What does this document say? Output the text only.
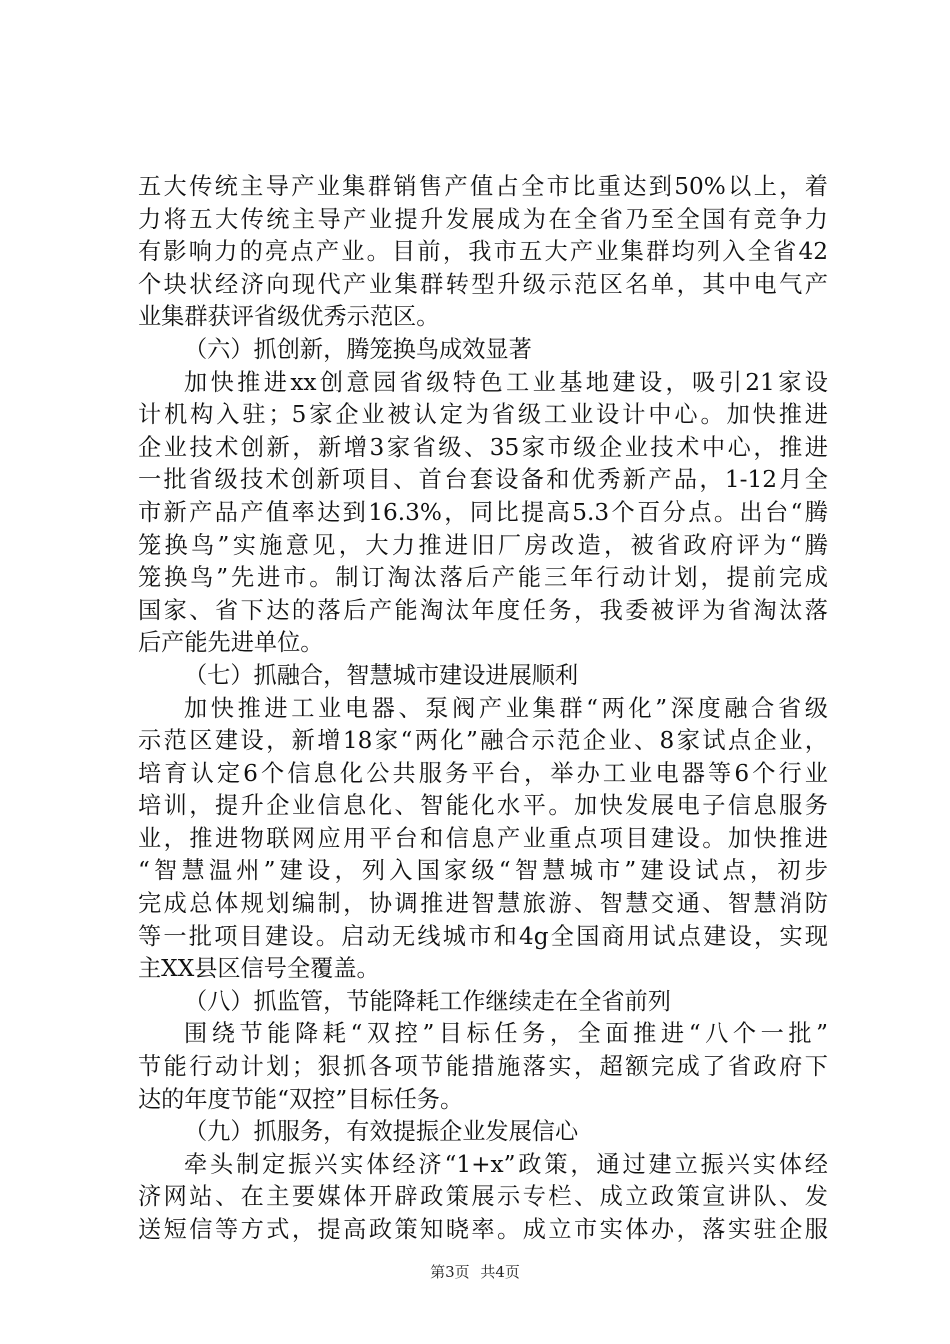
五大传统主导产业集群销售产值占全市比重达到50%以上，着
力将五大传统主导产业提升发展成为在全省乃至全国有竞争力
有影响力的亮点产业。目前，我市五大产业集群均列入全省42
个块状经济向现代产业集群转型升级示范区名单，其中电气产
业集群获评省级优秀示范区。
（六）抓创新，腾笼换鸟成效显著
加快推进xx创意园省级特色工业基地建设，吸引21家设
计机构入驻；5家企业被认定为省级工业设计中心。加快推进
企业技术创新，新增3家省级、35家市级企业技术中心，推进
一批省级技术创新项目、首台套设备和优秀新产品，1-12月全
市新产品产值率达到16.3%，同比提高5.3个百分点。出台“腾
笼换鸟”实施意见，大力推进旧厂房改造，被省政府评为“腾
笼换鸟”先进市。制订淘汰落后产能三年行动计划，提前完成
国家、省下达的落后产能淘汰年度任务，我委被评为省淘汰落
后产能先进单位。
（七）抓融合，智慧城市建设进展顺利
加快推进工业电器、泵阀产业集群“两化”深度融合省级
示范区建设，新增18家“两化”融合示范企业、8家试点企业，
培育认定6个信息化公共服务平台，举办工业电器等6个行业
培训，提升企业信息化、智能化水平。加快发展电子信息服务
业，推进物联网应用平台和信息产业重点项目建设。加快推进
“智慧温州”建设，列入国家级“智慧城市”建设试点，初步
完成总体规划编制，协调推进智慧旅游、智慧交通、智慧消防
等一批项目建设。启动无线城市和4g全国商用试点建设，实现
主XX县区信号全覆盖。
（八）抓监管，节能降耗工作继续走在全省前列
围绕节能降耗“双控”目标任务，全面推进“八个一批”
节能行动计划；狠抓各项节能措施落实，超额完成了省政府下
达的年度节能“双控”目标任务。
（九）抓服务，有效提振企业发展信心
牵头制定振兴实体经济“1+x”政策，通过建立振兴实体经
济网站、在主要媒体开辟政策展示专栏、成立政策宣讲队、发
送短信等方式，提高政策知晓率。成立市实体办，落实驻企服
第3页 共4页
